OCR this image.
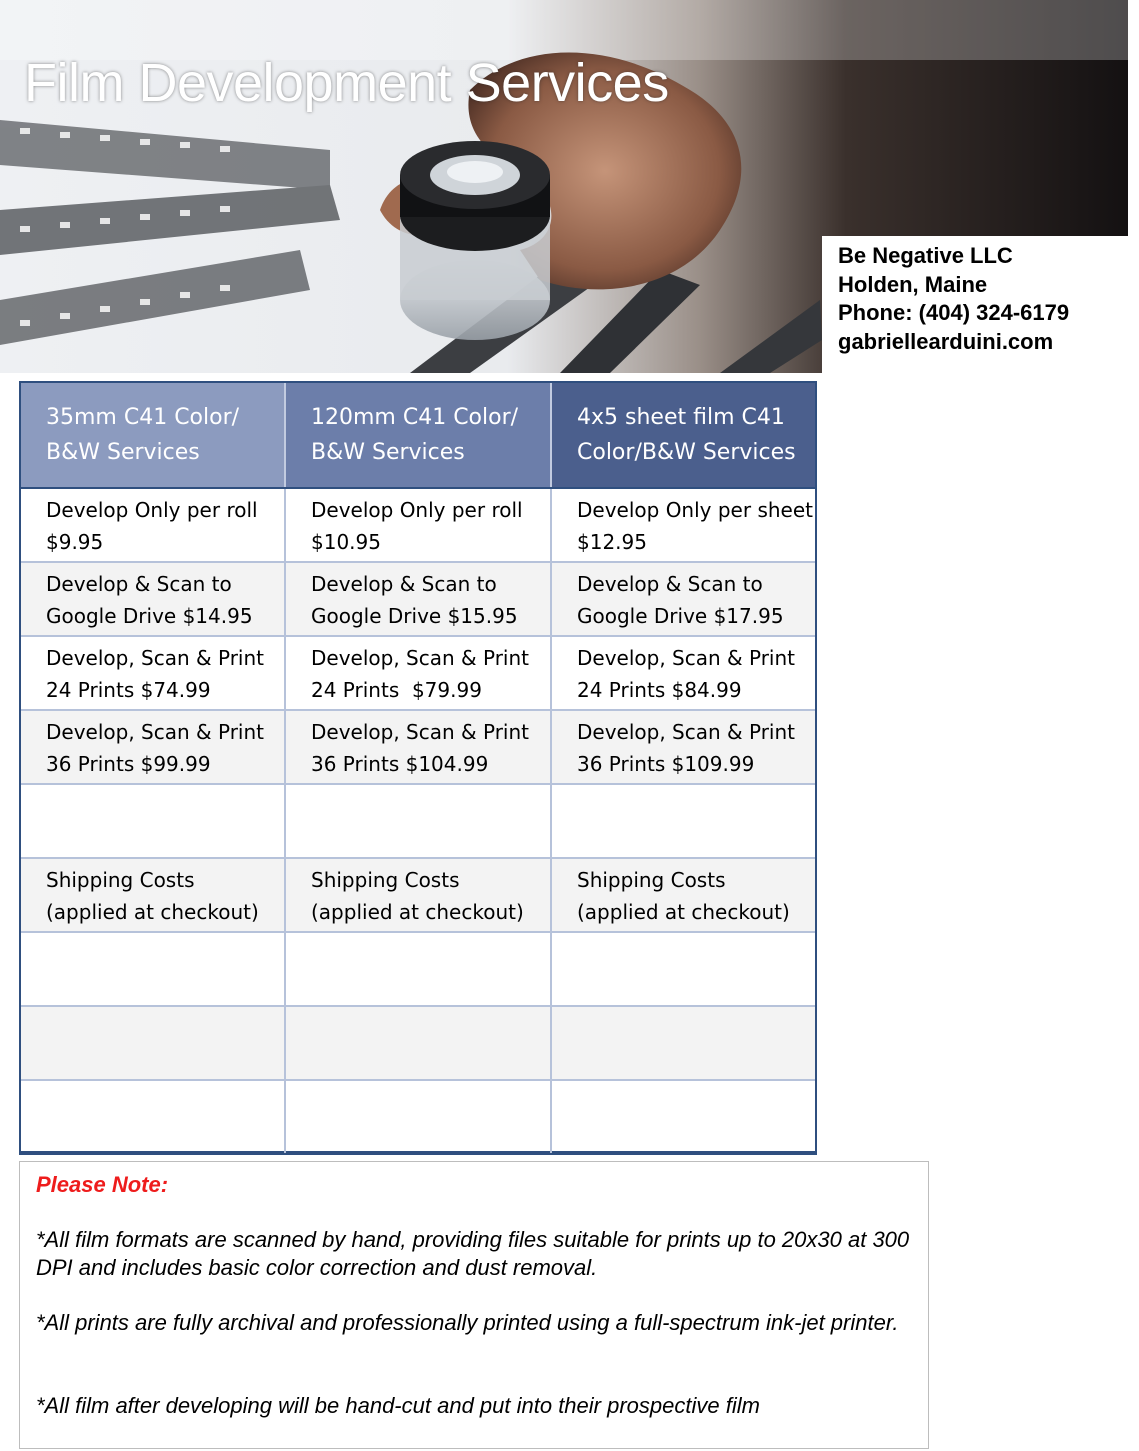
Film Development Services
Be Negative LLC
Holden, Maine
Phone: (404) 324-6179
gabriellearduini.com
35mm C41 Color/
B&W Services
120mm C41 Color/
B&W Services
4x5 sheet film C41
Color/B&W Services
Develop Only per roll
$9.95
Develop Only per roll
$10.95
Develop Only per sheet
$12.95
Develop & Scan to
Google Drive $14.95
Develop & Scan to
Google Drive $15.95
Develop & Scan to
Google Drive $17.95
Develop, Scan & Print
24 Prints $74.99
Develop, Scan & Print
24 Prints  $79.99
Develop, Scan & Print
24 Prints $84.99
Develop, Scan & Print
36 Prints $99.99
Develop, Scan & Print
36 Prints $104.99
Develop, Scan & Print
36 Prints $109.99
Shipping Costs
(applied at checkout)
Shipping Costs
(applied at checkout)
Shipping Costs
(applied at checkout)

Please Note:

*All film formats are scanned by hand, providing files suitable for prints up to 20x30 at 300 DPI and includes basic color correction and dust removal.

*All prints are fully archival and professionally printed using a full-spectrum ink-jet printer.

*All film after developing will be hand-cut and put into their prospective film
